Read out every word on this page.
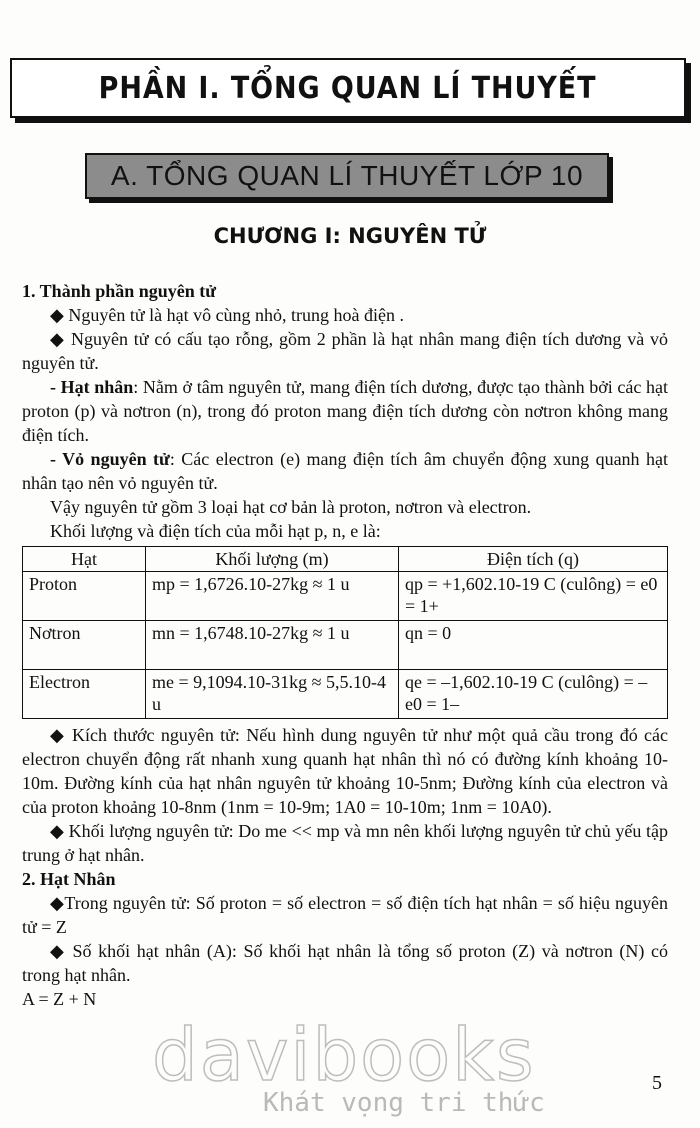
PHẦN I. TỔNG QUAN LÍ THUYẾT
A. TỔNG QUAN LÍ THUYẾT LỚP 10
CHƯƠNG I: NGUYÊN TỬ

1. Thành phần nguyên tử

◆ Nguyên tử là hạt vô cùng nhỏ, trung hoà điện .

◆ Nguyên tử có cấu tạo rỗng, gồm 2 phần là hạt nhân mang điện tích dương và vỏ nguyên tử.

- Hạt nhân: Nằm ở tâm nguyên tử, mang điện tích dương, được tạo thành bởi các hạt proton (p) và nơtron (n), trong đó proton mang điện tích dương còn nơtron không mang điện tích.

- Vỏ nguyên tử: Các electron (e) mang điện tích âm chuyển động xung quanh hạt nhân tạo nên vỏ nguyên tử.

Vậy nguyên tử gồm 3 loại hạt cơ bản là proton, nơtron và electron.

Khối lượng và điện tích của mỗi hạt p, n, e là:

Hạt	Khối lượng (m)	Điện tích (q)
Proton	mp = 1,6726.10-27kg ≈ 1 u	qp = +1,602.10-19 C (culông) = e0 = 1+
Nơtron	mn = 1,6748.10-27kg ≈ 1 u	qn = 0
Electron	me = 9,1094.10-31kg ≈ 5,5.10-4 u	qe = –1,602.10-19 C (culông) = –e0 = 1–

◆ Kích thước nguyên tử: Nếu hình dung nguyên tử như một quả cầu trong đó các electron chuyển động rất nhanh xung quanh hạt nhân thì nó có đường kính khoảng 10-10m. Đường kính của hạt nhân nguyên tử khoảng 10-5nm; Đường kính của electron và của proton khoảng 10-8nm (1nm = 10-9m; 1A0 = 10-10m; 1nm = 10A0).

◆ Khối lượng nguyên tử: Do me << mp và mn nên khối lượng nguyên tử chủ yếu tập trung ở hạt nhân.

2. Hạt Nhân

◆Trong nguyên tử: Số proton = số electron = số điện tích hạt nhân = số hiệu nguyên tử = Z

◆ Số khối hạt nhân (A): Số khối hạt nhân là tổng số proton (Z) và nơtron (N) có trong hạt nhân.

A = Z + N

davibooks
Khát vọng tri thức
5
